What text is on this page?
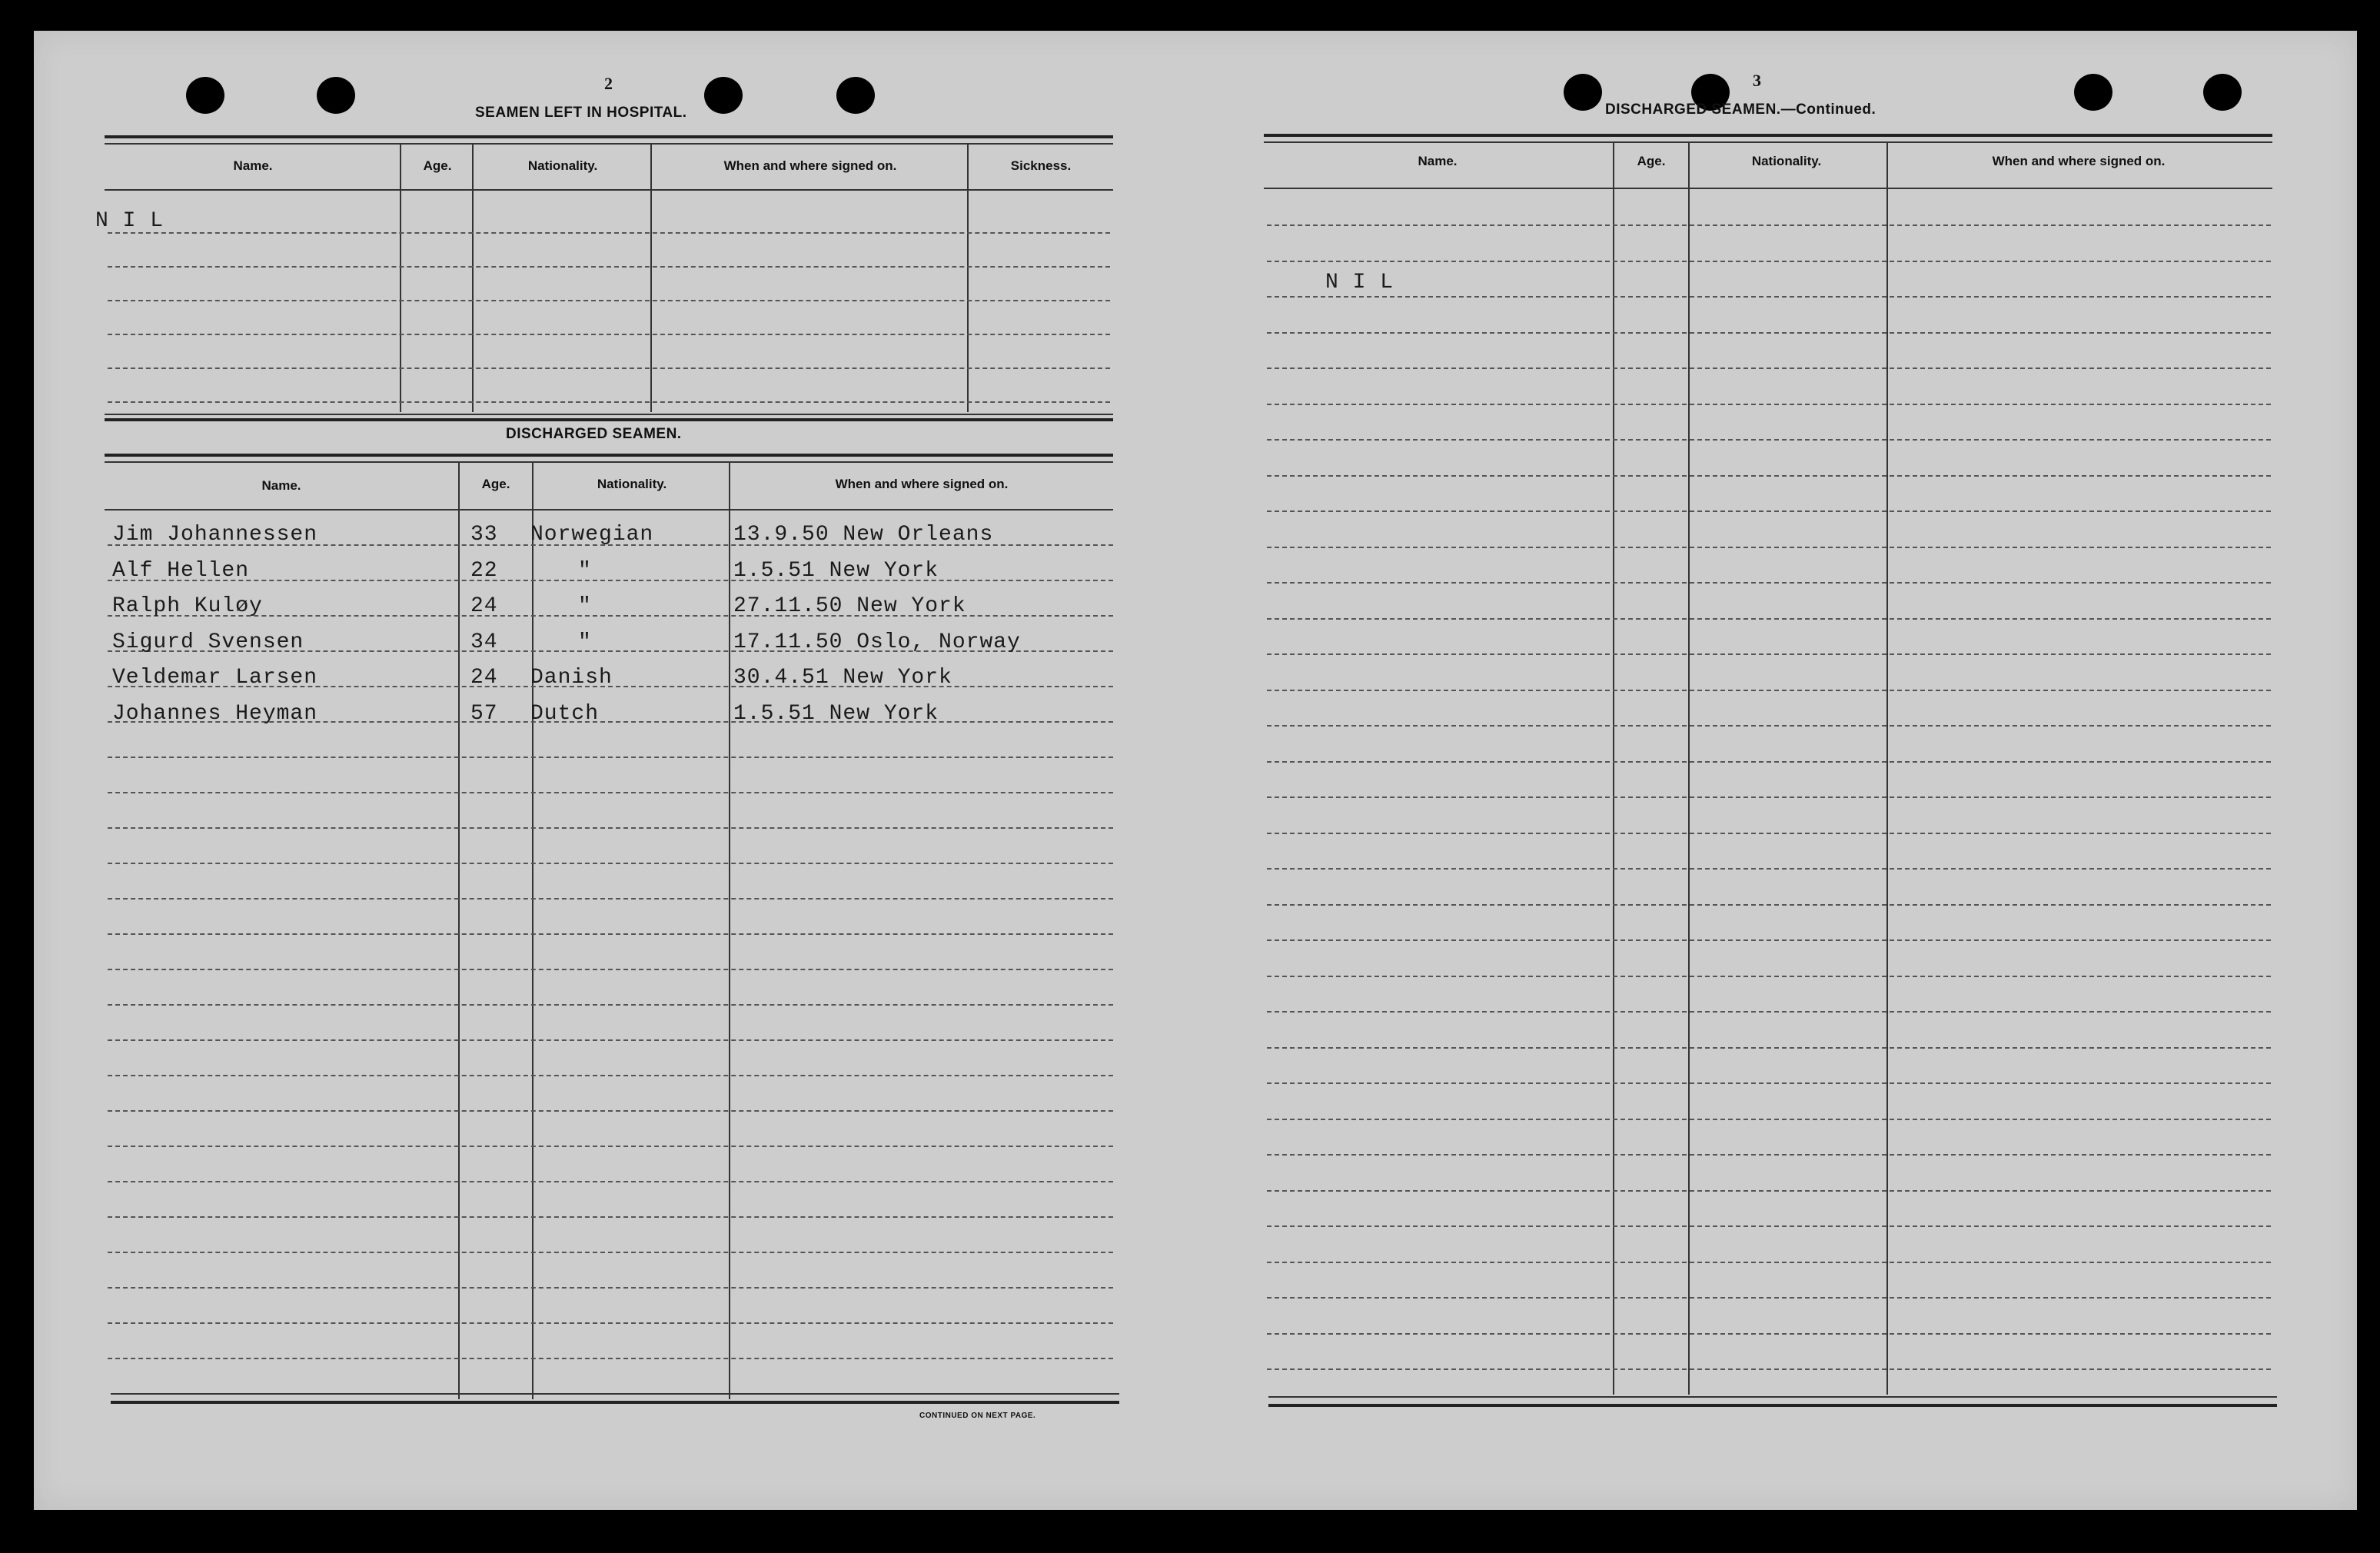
2
SEAMEN LEFT IN HOSPITAL.
Name.	Age.	Nationality.	When and where signed on.	Sickness.
N I L
DISCHARGED SEAMEN.
Name.	Age.	Nationality.	When and where signed on.
Jim Johannessen	33 Norwegian	13.9.50 New Orleans
Alf Hellen	22	"	1.5.51 New York
Ralph Kuløy	24	"	27.11.50 New York
Sigurd Svensen	34	"	17.11.50 Oslo, Norway
Veldemar Larsen	24 Danish	30.4.51 New York
Johannes Heyman	57 Dutch	1.5.51 New York
CONTINUED ON NEXT PAGE.
3
DISCHARGED SEAMEN.—Continued.
Name.	Age.	Nationality.	When and where signed on.
N I L
